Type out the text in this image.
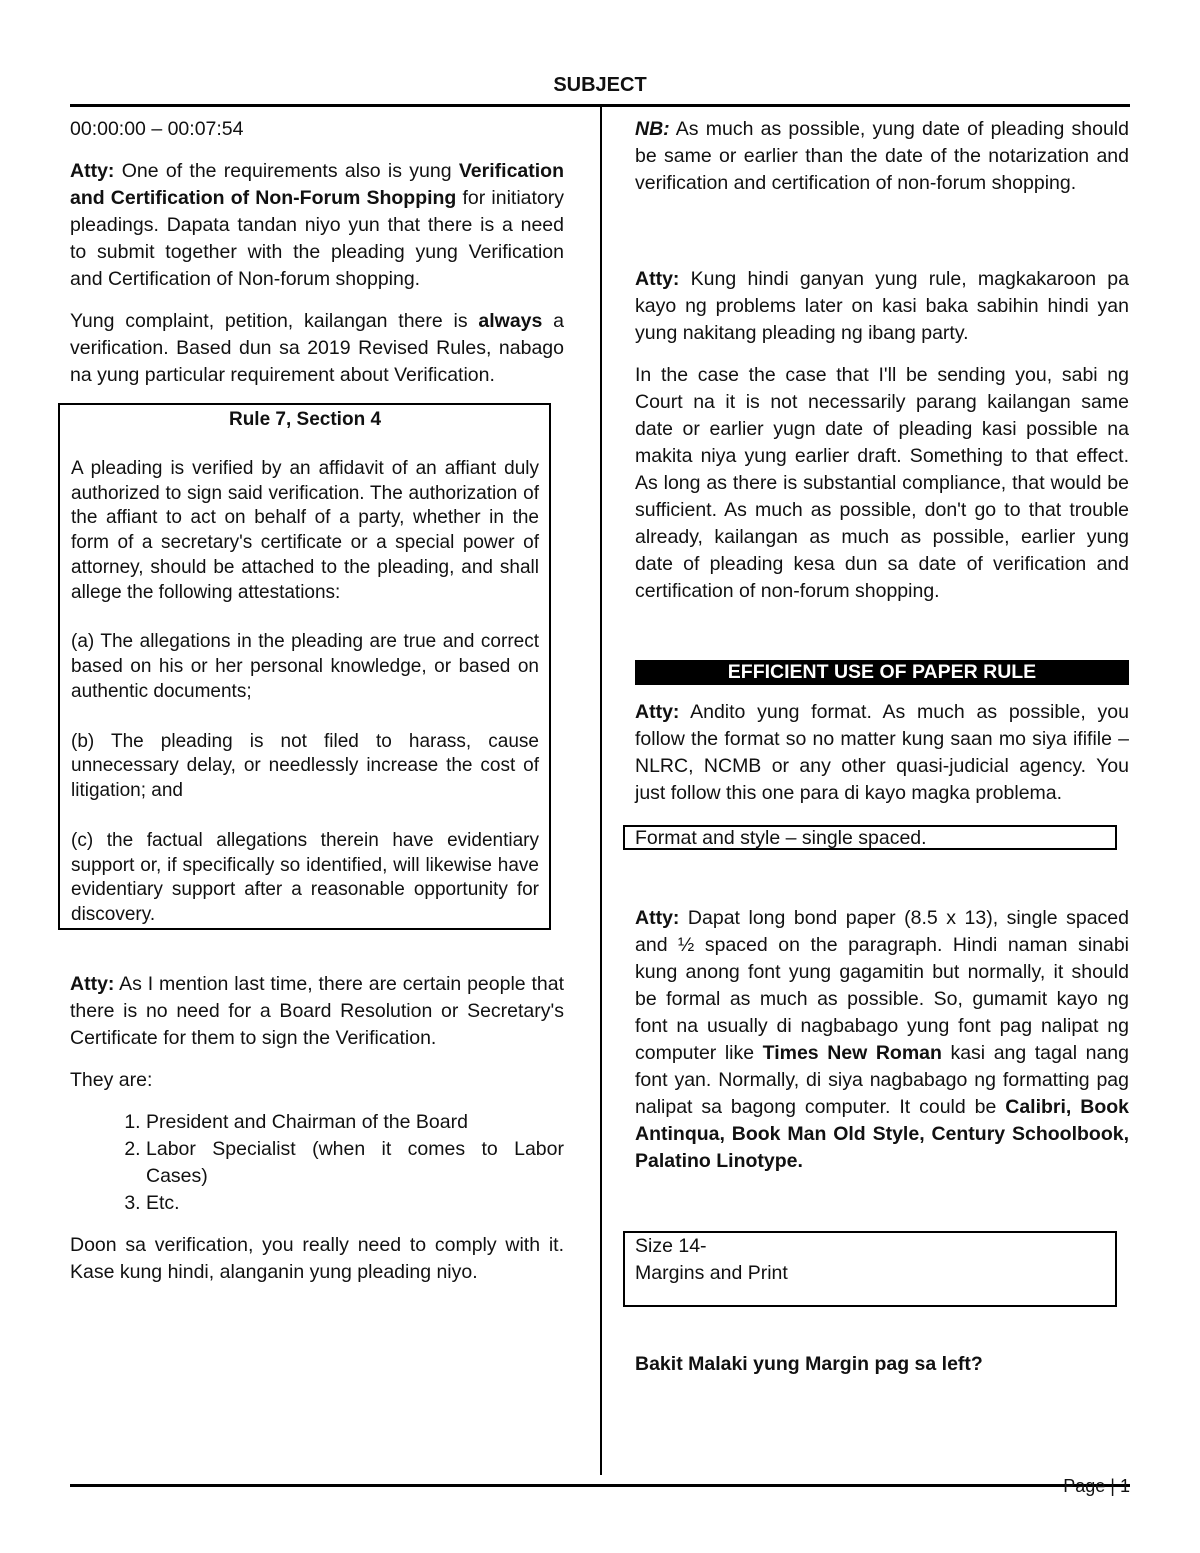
SUBJECT

00:00:00 – 00:07:54

Atty: One of the requirements also is yung Verification and Certification of Non-Forum Shopping for initiatory pleadings. Dapata tandan niyo yun that there is a need to submit together with the pleading yung Verification and Certification of Non-forum shopping.

Yung complaint, petition, kailangan there is always a verification. Based dun sa 2019 Revised Rules, nabago na yung particular requirement about Verification.

Rule 7, Section 4

A pleading is verified by an affidavit of an affiant duly authorized to sign said verification. The authorization of the affiant to act on behalf of a party, whether in the form of a secretary's certificate or a special power of attorney, should be attached to the pleading, and shall allege the following attestations:

(a) The allegations in the pleading are true and correct based on his or her personal knowledge, or based on authentic documents;

(b) The pleading is not filed to harass, cause unnecessary delay, or needlessly increase the cost of litigation; and

(c) the factual allegations therein have evidentiary support or, if specifically so identified, will likewise have evidentiary support after a reasonable opportunity for discovery.

Atty: As I mention last time, there are certain people that there is no need for a Board Resolution or Secretary's Certificate for them to sign the Verification.

They are:

1. President and Chairman of the Board
2. Labor Specialist (when it comes to Labor Cases)
3. Etc.

Doon sa verification, you really need to comply with it. Kase kung hindi, alanganin yung pleading niyo.

NB: As much as possible, yung date of pleading should be same or earlier than the date of the notarization and verification and certification of non-forum shopping.

Atty: Kung hindi ganyan yung rule, magkakaroon pa kayo ng problems later on kasi baka sabihin hindi yan yung nakitang pleading ng ibang party.

In the case the case that I'll be sending you, sabi ng Court na it is not necessarily parang kailangan same date or earlier yugn date of pleading kasi possible na makita niya yung earlier draft. Something to that effect. As long as there is substantial compliance, that would be sufficient. As much as possible, don't go to that trouble already, kailangan as much as possible, earlier yung date of pleading kesa dun sa date of verification and certification of non-forum shopping.

EFFICIENT USE OF PAPER RULE

Atty: Andito yung format. As much as possible, you follow the format so no matter kung saan mo siya ififile – NLRC, NCMB or any other quasi-judicial agency. You just follow this one para di kayo magka problema.

Format and style – single spaced.

Atty: Dapat long bond paper (8.5 x 13), single spaced and ½ spaced on the paragraph. Hindi naman sinabi kung anong font yung gagamitin but normally, it should be formal as much as possible. So, gumamit kayo ng font na usually di nagbabago yung font pag nalipat ng computer like Times New Roman kasi ang tagal nang font yan. Normally, di siya nagbabago ng formatting pag nalipat sa bagong computer. It could be Calibri, Book Antinqua, Book Man Old Style, Century Schoolbook, Palatino Linotype.

Size 14-
Margins and Print

Bakit Malaki yung Margin pag sa left?

Page | 1
